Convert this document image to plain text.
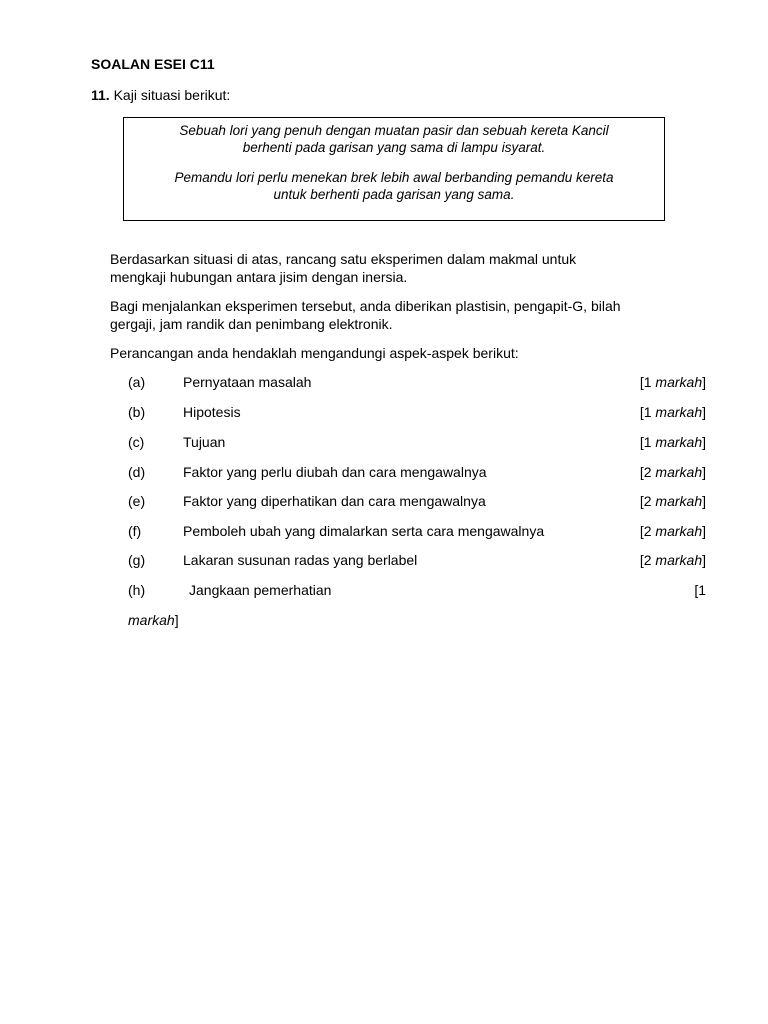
SOALAN ESEI C11
11. Kaji situasi berikut:

Sebuah lori yang penuh dengan muatan pasir dan sebuah kereta Kancil
berhenti pada garisan yang sama di lampu isyarat.

Pemandu lori perlu menekan brek lebih awal berbanding pemandu kereta
untuk berhenti pada garisan yang sama.

Berdasarkan situasi di atas, rancang satu eksperimen dalam makmal untuk
mengkaji hubungan antara jisim dengan inersia.

Bagi menjalankan eksperimen tersebut, anda diberikan plastisin, pengapit-G, bilah
gergaji, jam randik dan penimbang elektronik.

Perancangan anda hendaklah mengandungi aspek-aspek berikut:

(a)	Pernyataan masalah	[1 markah]
(b)	Hipotesis	[1 markah]
(c)	Tujuan	[1 markah]
(d)	Faktor yang perlu diubah dan cara mengawalnya	[2 markah]
(e)	Faktor yang diperhatikan dan cara mengawalnya	[2 markah]
(f)	Pemboleh ubah yang dimalarkan serta cara mengawalnya	[2 markah]
(g)	Lakaran susunan radas yang berlabel	[2 markah]
(h)	Jangkaan pemerhatian	[1
markah]
